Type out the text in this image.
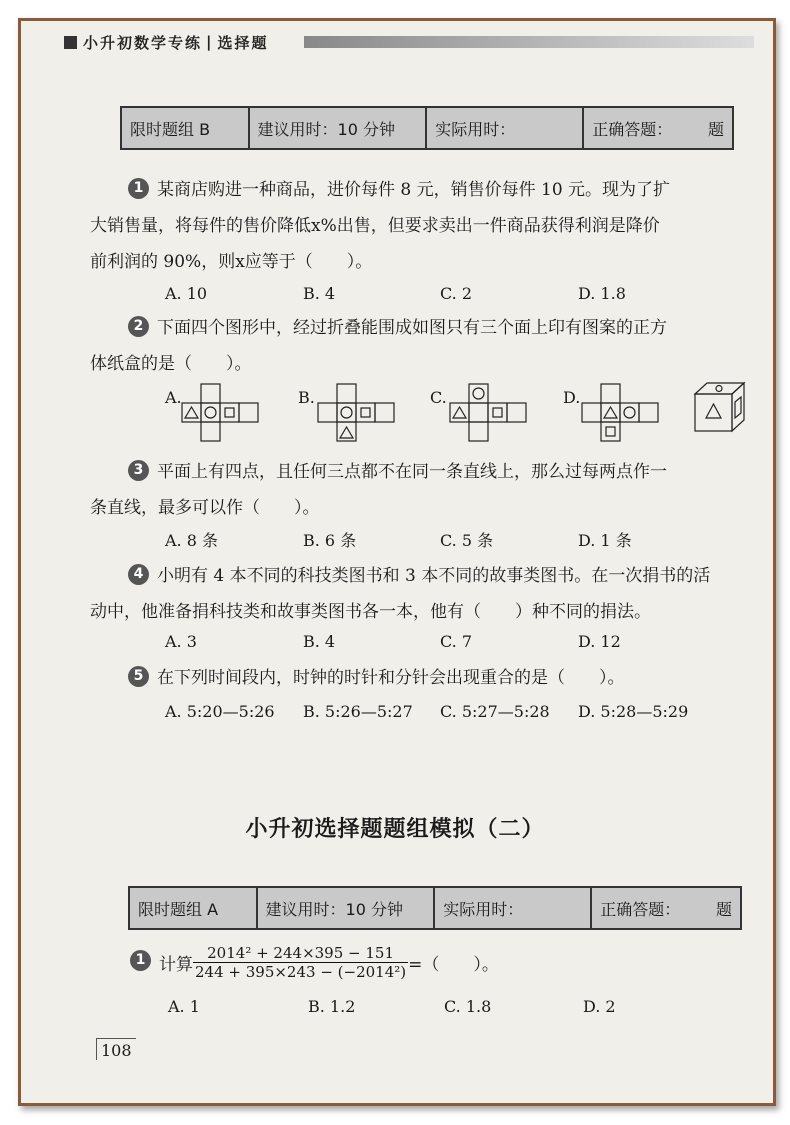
小升初数学专练 | 选择题
限时题组 B	建议用时：10 分钟	实际用时：	正确答题：	题
1 某商店购进一种商品，进价每件 8 元，销售价每件 10 元。现为了扩
大销售量，将每件的售价降低x%出售，但要求卖出一件商品获得利润是降价
前利润的 90%，则x应等于（　　）。
A. 10	B. 4	C. 2	D. 1.8
2 下面四个图形中，经过折叠能围成如图只有三个面上印有图案的正方
体纸盒的是（　　）。
A.	B.	C.	D.
3 平面上有四点，且任何三点都不在同一条直线上，那么过每两点作一
条直线，最多可以作（　　）。
A. 8 条	B. 6 条	C. 5 条	D. 1 条
4 小明有 4 本不同的科技类图书和 3 本不同的故事类图书。在一次捐书的活
动中，他准备捐科技类和故事类图书各一本，他有（　　）种不同的捐法。
A. 3	B. 4	C. 7	D. 12
5 在下列时间段内，时钟的时针和分针会出现重合的是（　　）。
A. 5:20—5:26 B. 5:26—5:27 C. 5:27—5:28 D. 5:28—5:29
小升初选择题题组模拟（二）
限时题组 A	建议用时：10 分钟	实际用时：	正确答题：	题
1 计算 $\frac{\text{2014² + 244×395 − 151}}{\text{244 + 395×243 − (−2014²)}}$ =（　　）。
A. 1	B. 1.2	C. 1.8	D. 2
108
